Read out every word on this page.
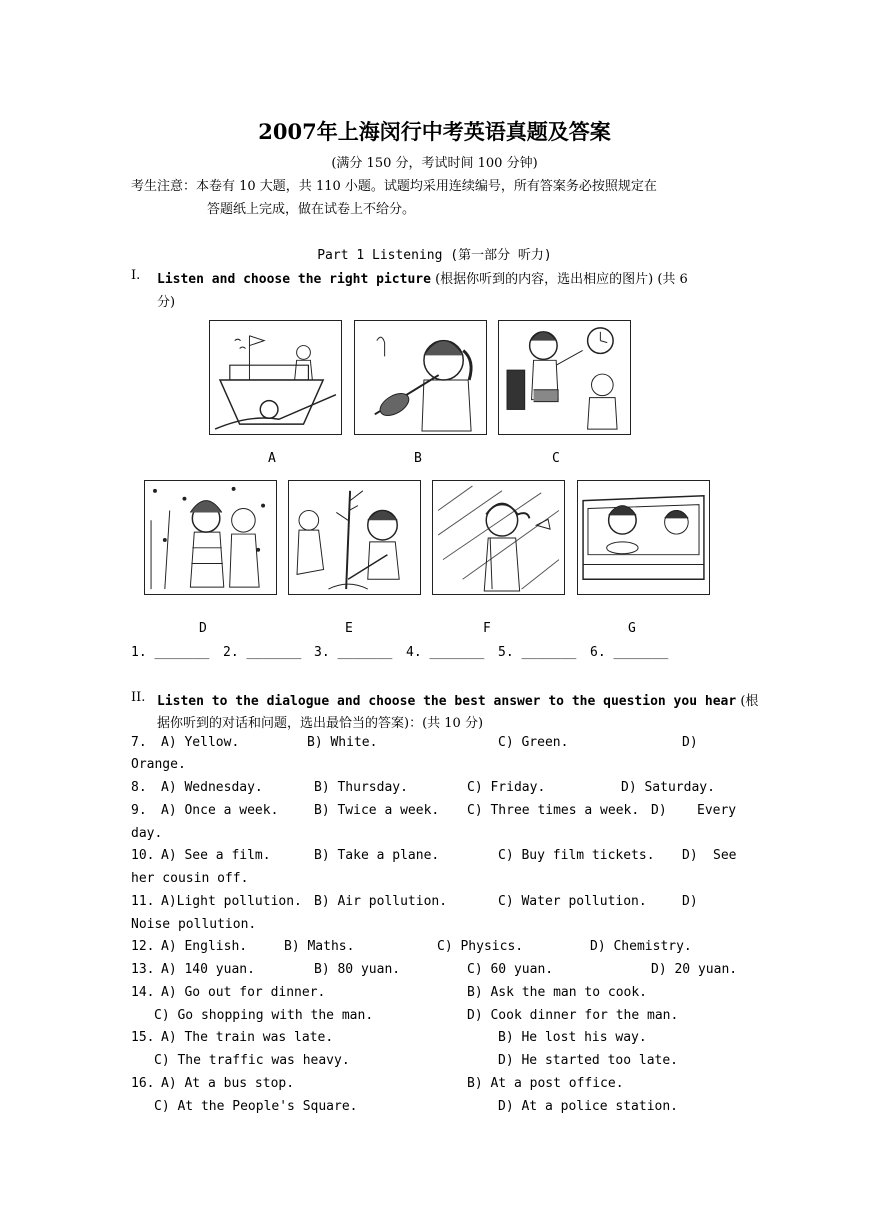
2007年上海闵行中考英语真题及答案
(满分 150 分，考试时间 100 分钟)
考生注意：本卷有 10 大题，共 110 小题。试题均采用连续编号，所有答案务必按照规定在
答题纸上完成，做在试卷上不给分。
Part 1 Listening (第一部分 听力)
I. Listen and choose the right picture (根据你听到的内容，选出相应的图片) (共 6
分)
A	B	C
D	E	F	G
1. _______ 2. _______ 3. _______ 4. _______ 5. _______ 6. _______
II. Listen to the dialogue and choose the best answer to the question you hear (根
据你听到的对话和问题，选出最恰当的答案)：(共 10 分)
7. A) Yellow.	B) White.	C) Green.	D)
Orange.
8. A) Wednesday.	B) Thursday.	C) Friday.	D) Saturday.
9. A) Once a week.	B) Twice a week. C) Three times a week. D) Every
day.
10. A) See a film.	B) Take a plane.	C) Buy film tickets. D) See
her cousin off.
11. A)Light pollution. B) Air pollution.	C) Water pollution.	D)
Noise pollution.
12. A) English.	B) Maths.	C) Physics.	D) Chemistry.
13. A) 140 yuan.	B) 80 yuan.	C) 60 yuan.	D) 20 yuan.
14. A) Go out for dinner.	B) Ask the man to cook.
C) Go shopping with the man.	D) Cook dinner for the man.
15. A) The train was late.	B) He lost his way.
C) The traffic was heavy.	D) He started too late.
16. A) At a bus stop.	B) At a post office.
C) At the People's Square.	D) At a police station.
